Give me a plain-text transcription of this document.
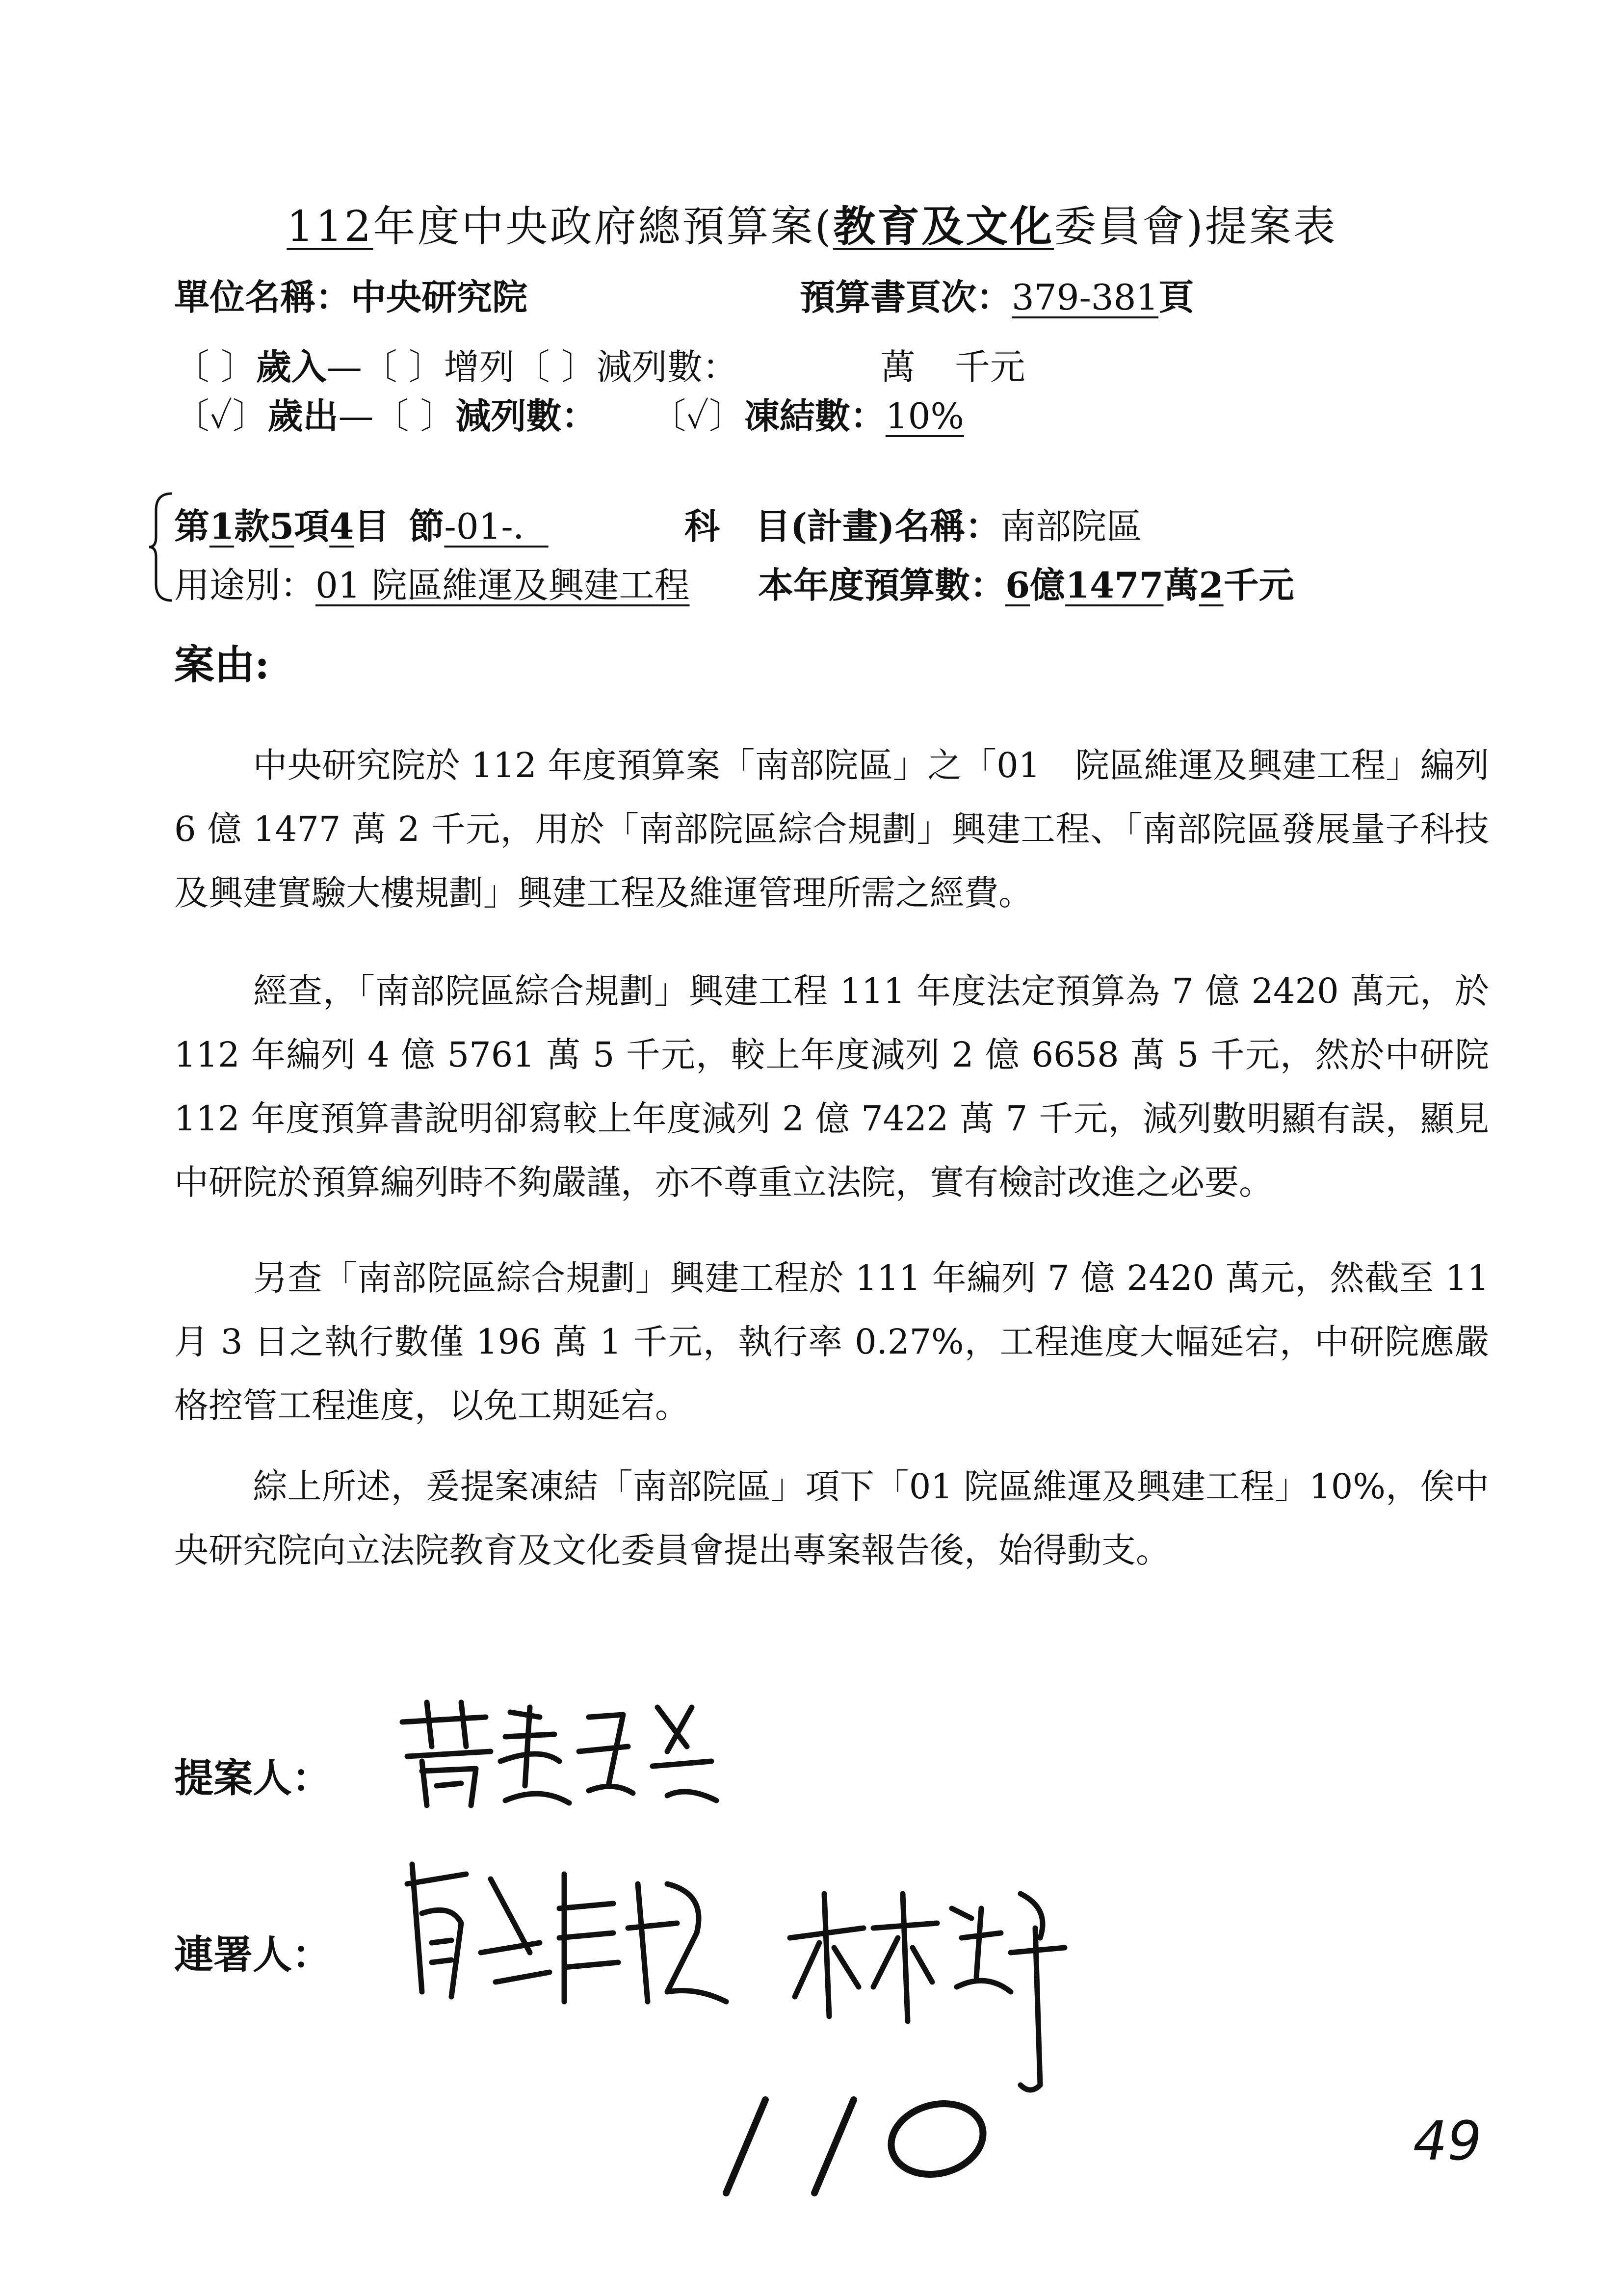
112年度中央政府總預算案(教育及文化委員會)提案表
單位名稱：中央研究院	預算書頁次：379-381頁
〔 〕歲入—〔 〕增列〔 〕減列數：	萬 千元
〔✓〕歲出—〔 〕減列數： 〔✓〕凍結數：10%
第1款5項4目 節-01-．	科　目(計畫)名稱：南部院區
用途別：01 院區維運及興建工程	本年度預算數：6億1477萬2千元
案由:
中央研究院於 112 年度預算案「南部院區」之「01　院區維運及興建工程」編列 6 億 1477 萬 2 千元，用於「南部院區綜合規劃」興建工程、「南部院區發展量子科技及興建實驗大樓規劃」興建工程及維運管理所需之經費。
經查，「南部院區綜合規劃」興建工程 111 年度法定預算為 7 億 2420 萬元，於 112 年編列 4 億 5761 萬 5 千元，較上年度減列 2 億 6658 萬 5 千元，然於中研院 112 年度預算書說明卻寫較上年度減列 2 億 7422 萬 7 千元，減列數明顯有誤，顯見中研院於預算編列時不夠嚴謹，亦不尊重立法院，實有檢討改進之必要。
另查「南部院區綜合規劃」興建工程於 111 年編列 7 億 2420 萬元，然截至 11 月 3 日之執行數僅 196 萬 1 千元，執行率 0.27%，工程進度大幅延宕，中研院應嚴格控管工程進度，以免工期延宕。
綜上所述，爰提案凍結「南部院區」項下「01 院區維運及興建工程」10%，俟中央研究院向立法院教育及文化委員會提出專案報告後，始得動支。
提案人：
連署人：
49
